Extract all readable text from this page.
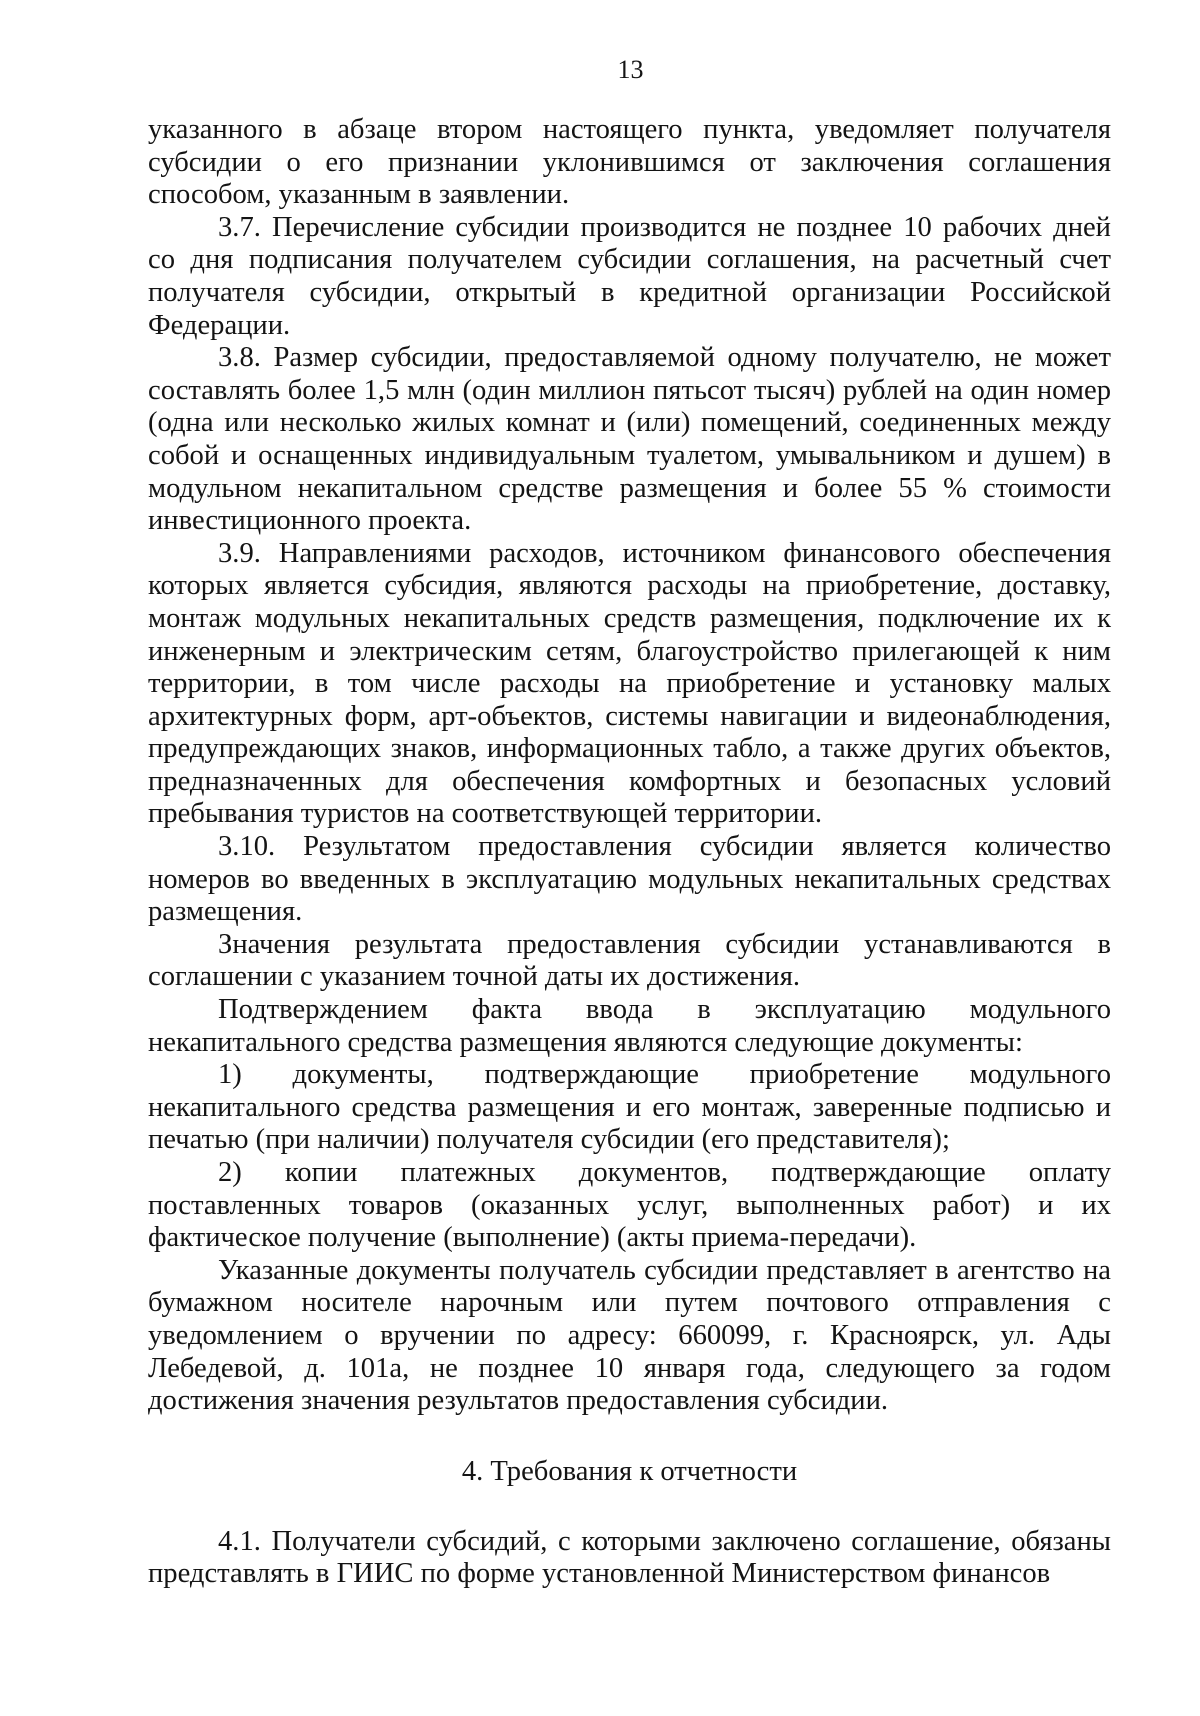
13

указанного в абзаце втором настоящего пункта, уведомляет получателя субсидии о его признании уклонившимся от заключения соглашения способом, указанным в заявлении.

3.7. Перечисление субсидии производится не позднее 10 рабочих дней со дня подписания получателем субсидии соглашения, на расчетный счет получателя субсидии, открытый в кредитной организации Российской Федерации.

3.8. Размер субсидии, предоставляемой одному получателю, не может составлять более 1,5 млн (один миллион пятьсот тысяч) рублей на один номер (одна или несколько жилых комнат и (или) помещений, соединенных между собой и оснащенных индивидуальным туалетом, умывальником и душем) в модульном некапитальном средстве размещения и более 55 % стоимости инвестиционного проекта.

3.9. Направлениями расходов, источником финансового обеспечения которых является субсидия, являются расходы на приобретение, доставку, монтаж модульных некапитальных средств размещения, подключение их к инженерным и электрическим сетям, благоустройство прилегающей к ним территории, в том числе расходы на приобретение и установку малых архитектурных форм, арт-объектов, системы навигации и видеонаблюдения, предупреждающих знаков, информационных табло, а также других объектов, предназначенных для обеспечения комфортных и безопасных условий пребывания туристов на соответствующей территории.

3.10. Результатом предоставления субсидии является количество номеров во введенных в эксплуатацию модульных некапитальных средствах размещения.

Значения результата предоставления субсидии устанавливаются в соглашении с указанием точной даты их достижения.

Подтверждением факта ввода в эксплуатацию модульного некапитального средства размещения являются следующие документы:

1) документы, подтверждающие приобретение модульного некапитального средства размещения и его монтаж, заверенные подписью и печатью (при наличии) получателя субсидии (его представителя);

2) копии платежных документов, подтверждающие оплату поставленных товаров (оказанных услуг, выполненных работ) и их фактическое получение (выполнение) (акты приема-передачи).

Указанные документы получатель субсидии представляет в агентство на бумажном носителе нарочным или путем почтового отправления с уведомлением о вручении по адресу: 660099, г. Красноярск, ул. Ады Лебедевой, д. 101а, не позднее 10 января года, следующего за годом достижения значения результатов предоставления субсидии.

4. Требования к отчетности

4.1. Получатели субсидий, с которыми заключено соглашение, обязаны представлять в ГИИС по форме установленной Министерством финансов
